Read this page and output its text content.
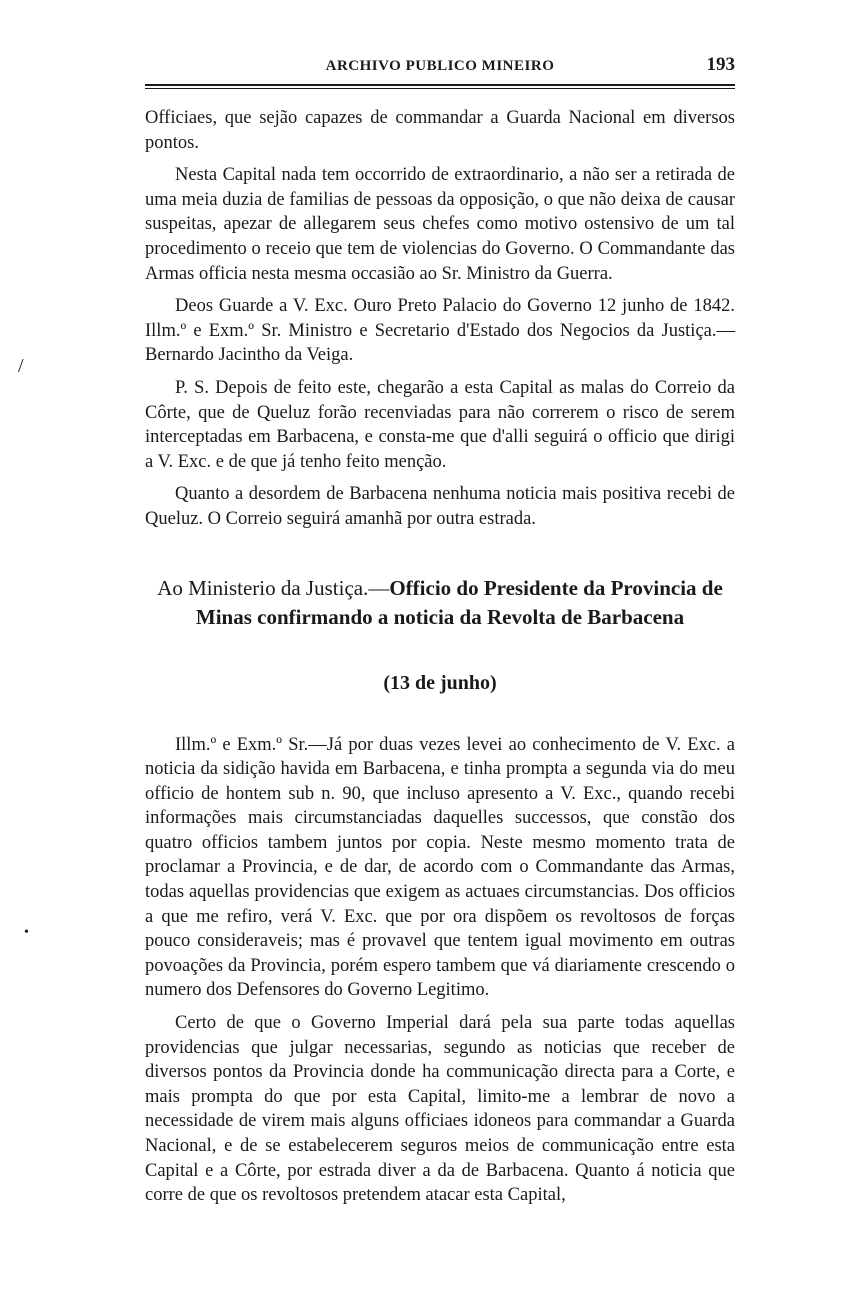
/
•
ARCHIVO PUBLICO MINEIRO	193

Officiaes, que sejão capazes de commandar a Guarda Nacional em diversos pontos.

Nesta Capital nada tem occorrido de extraordinario, a não ser a retirada de uma meia duzia de familias de pessoas da opposição, o que não deixa de causar suspeitas, apezar de allegarem seus chefes como motivo ostensivo de um tal procedimento o receio que tem de violencias do Governo. O Commandante das Armas officia nesta mesma occasião ao Sr. Ministro da Guerra.

Deos Guarde a V. Exc. Ouro Preto Palacio do Governo 12 junho de 1842. Illm.º e Exm.º Sr. Ministro e Secretario d'Estado dos Negocios da Justiça.—Bernardo Jacintho da Veiga.

P. S. Depois de feito este, chegarão a esta Capital as malas do Correio da Côrte, que de Queluz forão recenviadas para não correrem o risco de serem interceptadas em Barbacena, e consta-me que d'alli seguirá o officio que dirigi a V. Exc. e de que já tenho feito menção.

Quanto a desordem de Barbacena nenhuma noticia mais positiva recebi de Queluz. O Correio seguirá amanhã por outra estrada.

Ao Ministerio da Justiça.—Officio do Presidente da Provincia de Minas confirmando a noticia da Revolta de Barbacena
(13 de junho)

Illm.º e Exm.º Sr.—Já por duas vezes levei ao conhecimento de V. Exc. a noticia da sidição havida em Barbacena, e tinha prompta a segunda via do meu officio de hontem sub n. 90, que incluso apresento a V. Exc., quando recebi informações mais circumstanciadas daquelles successos, que constão dos quatro officios tambem juntos por copia. Neste mesmo momento trata de proclamar a Provincia, e de dar, de acordo com o Commandante das Armas, todas aquellas providencias que exigem as actuaes circumstancias. Dos officios a que me refiro, verá V. Exc. que por ora dispõem os revoltosos de forças pouco consideraveis; mas é provavel que tentem igual movimento em outras povoações da Provincia, porém espero tambem que vá diariamente crescendo o numero dos Defensores do Governo Legitimo.

Certo de que o Governo Imperial dará pela sua parte todas aquellas providencias que julgar necessarias, segundo as noticias que receber de diversos pontos da Provincia donde ha communicação directa para a Corte, e mais prompta do que por esta Capital, limito-me a lembrar de novo a necessidade de virem mais alguns officiaes idoneos para commandar a Guarda Nacional, e de se estabelecerem seguros meios de communicação entre esta Capital e a Côrte, por estrada diver a da de Barbacena. Quanto á noticia que corre de que os revoltosos pretendem atacar esta Capital,
